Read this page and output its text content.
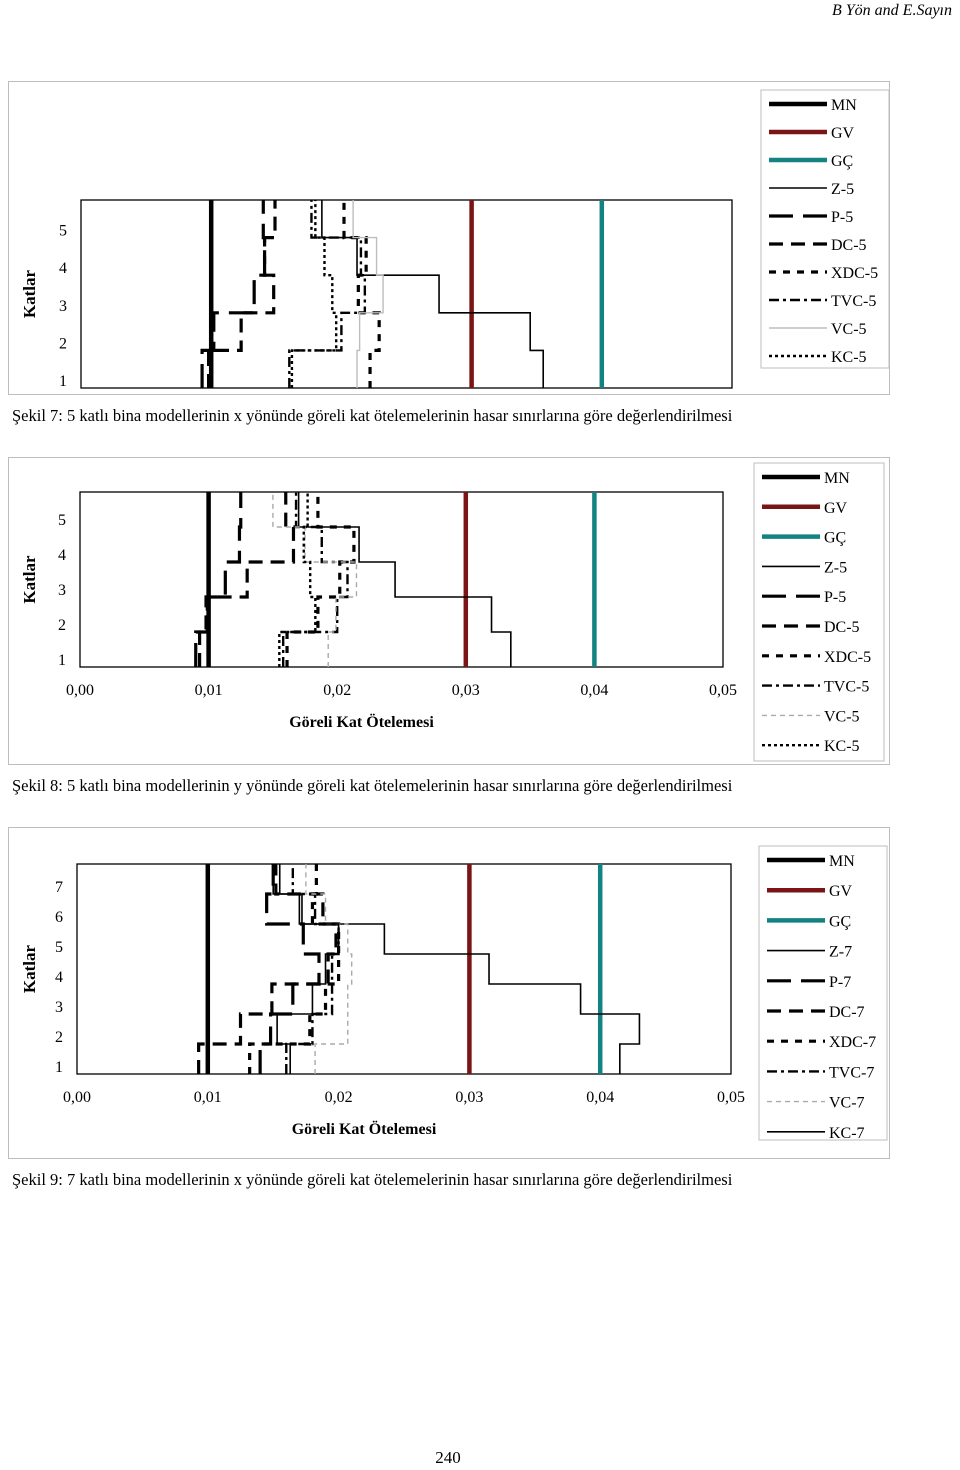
B Yön and E.Sayın
1
2
3
4
5
Katlar
MN
GV
GÇ
Z-5
P-5
DC-5
XDC-5
TVC-5
VC-5
KC-5
Şekil 7: 5 katlı bina modellerinin x yönünde göreli kat ötelemelerinin hasar sınırlarına göre değerlendirilmesi
1
2
3
4
5
0,00	0,01	0,02	0,03	0,04	0,05
Göreli Kat Ötelemesi
Katlar
MN
GV
GÇ
Z-5
P-5
DC-5
XDC-5
TVC-5
VC-5
KC-5
Şekil 8: 5 katlı bina modellerinin y yönünde göreli kat ötelemelerinin hasar sınırlarına göre değerlendirilmesi
1
2
3
4
5
6
7
0,00	0,01	0,02	0,03	0,04	0,05
Göreli Kat Ötelemesi
Katlar
MN
GV
GÇ
Z-7
P-7
DC-7
XDC-7
TVC-7
VC-7
KC-7
Şekil 9: 7 katlı bina modellerinin x yönünde göreli kat ötelemelerinin hasar sınırlarına göre değerlendirilmesi
240
